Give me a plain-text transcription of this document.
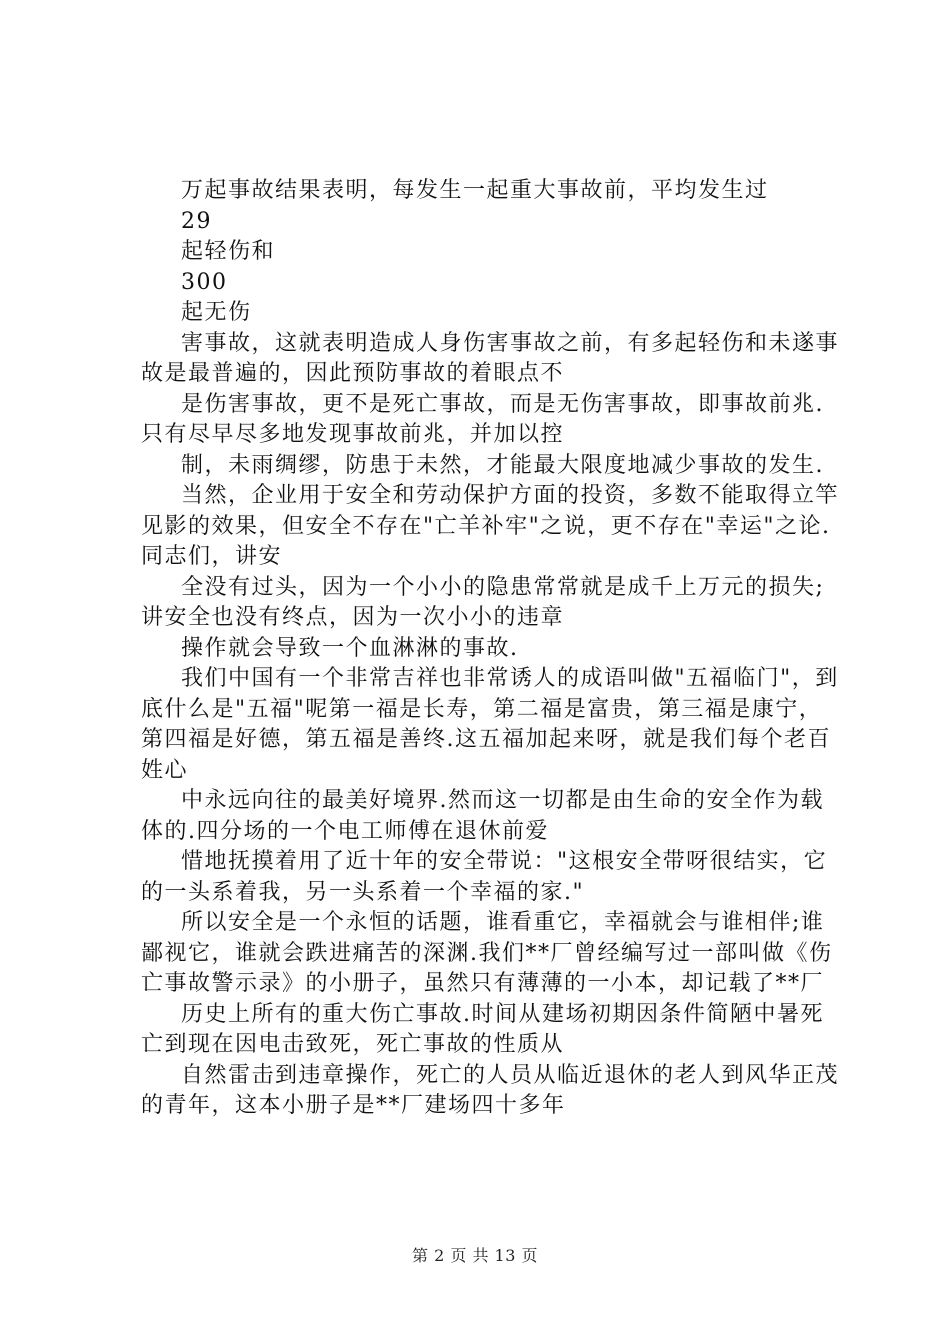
万起事故结果表明，每发生一起重大事故前，平均发生过

29

起轻伤和

300

起无伤

害事故，这就表明造成人身伤害事故之前，有多起轻伤和未遂事故是最普遍的，因此预防事故的着眼点不

是伤害事故，更不是死亡事故，而是无伤害事故，即事故前兆.只有尽早尽多地发现事故前兆，并加以控

制，未雨绸缪，防患于未然，才能最大限度地减少事故的发生.

当然，企业用于安全和劳动保护方面的投资，多数不能取得立竿见影的效果，但安全不存在"亡羊补牢"之说，更不存在"幸运"之论.同志们，讲安

全没有过头，因为一个小小的隐患常常就是成千上万元的损失;讲安全也没有终点，因为一次小小的违章

操作就会导致一个血淋淋的事故.

我们中国有一个非常吉祥也非常诱人的成语叫做"五福临门"，到底什么是"五福"呢第一福是长寿，第二福是富贵，第三福是康宁，第四福是好德，第五福是善终.这五福加起来呀，就是我们每个老百姓心

中永远向往的最美好境界.然而这一切都是由生命的安全作为载体的.四分场的一个电工师傅在退休前爱

惜地抚摸着用了近十年的安全带说："这根安全带呀很结实，它的一头系着我，另一头系着一个幸福的家."

所以安全是一个永恒的话题，谁看重它，幸福就会与谁相伴;谁鄙视它，谁就会跌进痛苦的深渊.我们**厂曾经编写过一部叫做《伤亡事故警示录》的小册子，虽然只有薄薄的一小本，却记载了**厂

历史上所有的重大伤亡事故.时间从建场初期因条件简陋中暑死亡到现在因电击致死，死亡事故的性质从

自然雷击到违章操作，死亡的人员从临近退休的老人到风华正茂的青年，这本小册子是**厂建场四十多年

第 2 页 共 13 页
